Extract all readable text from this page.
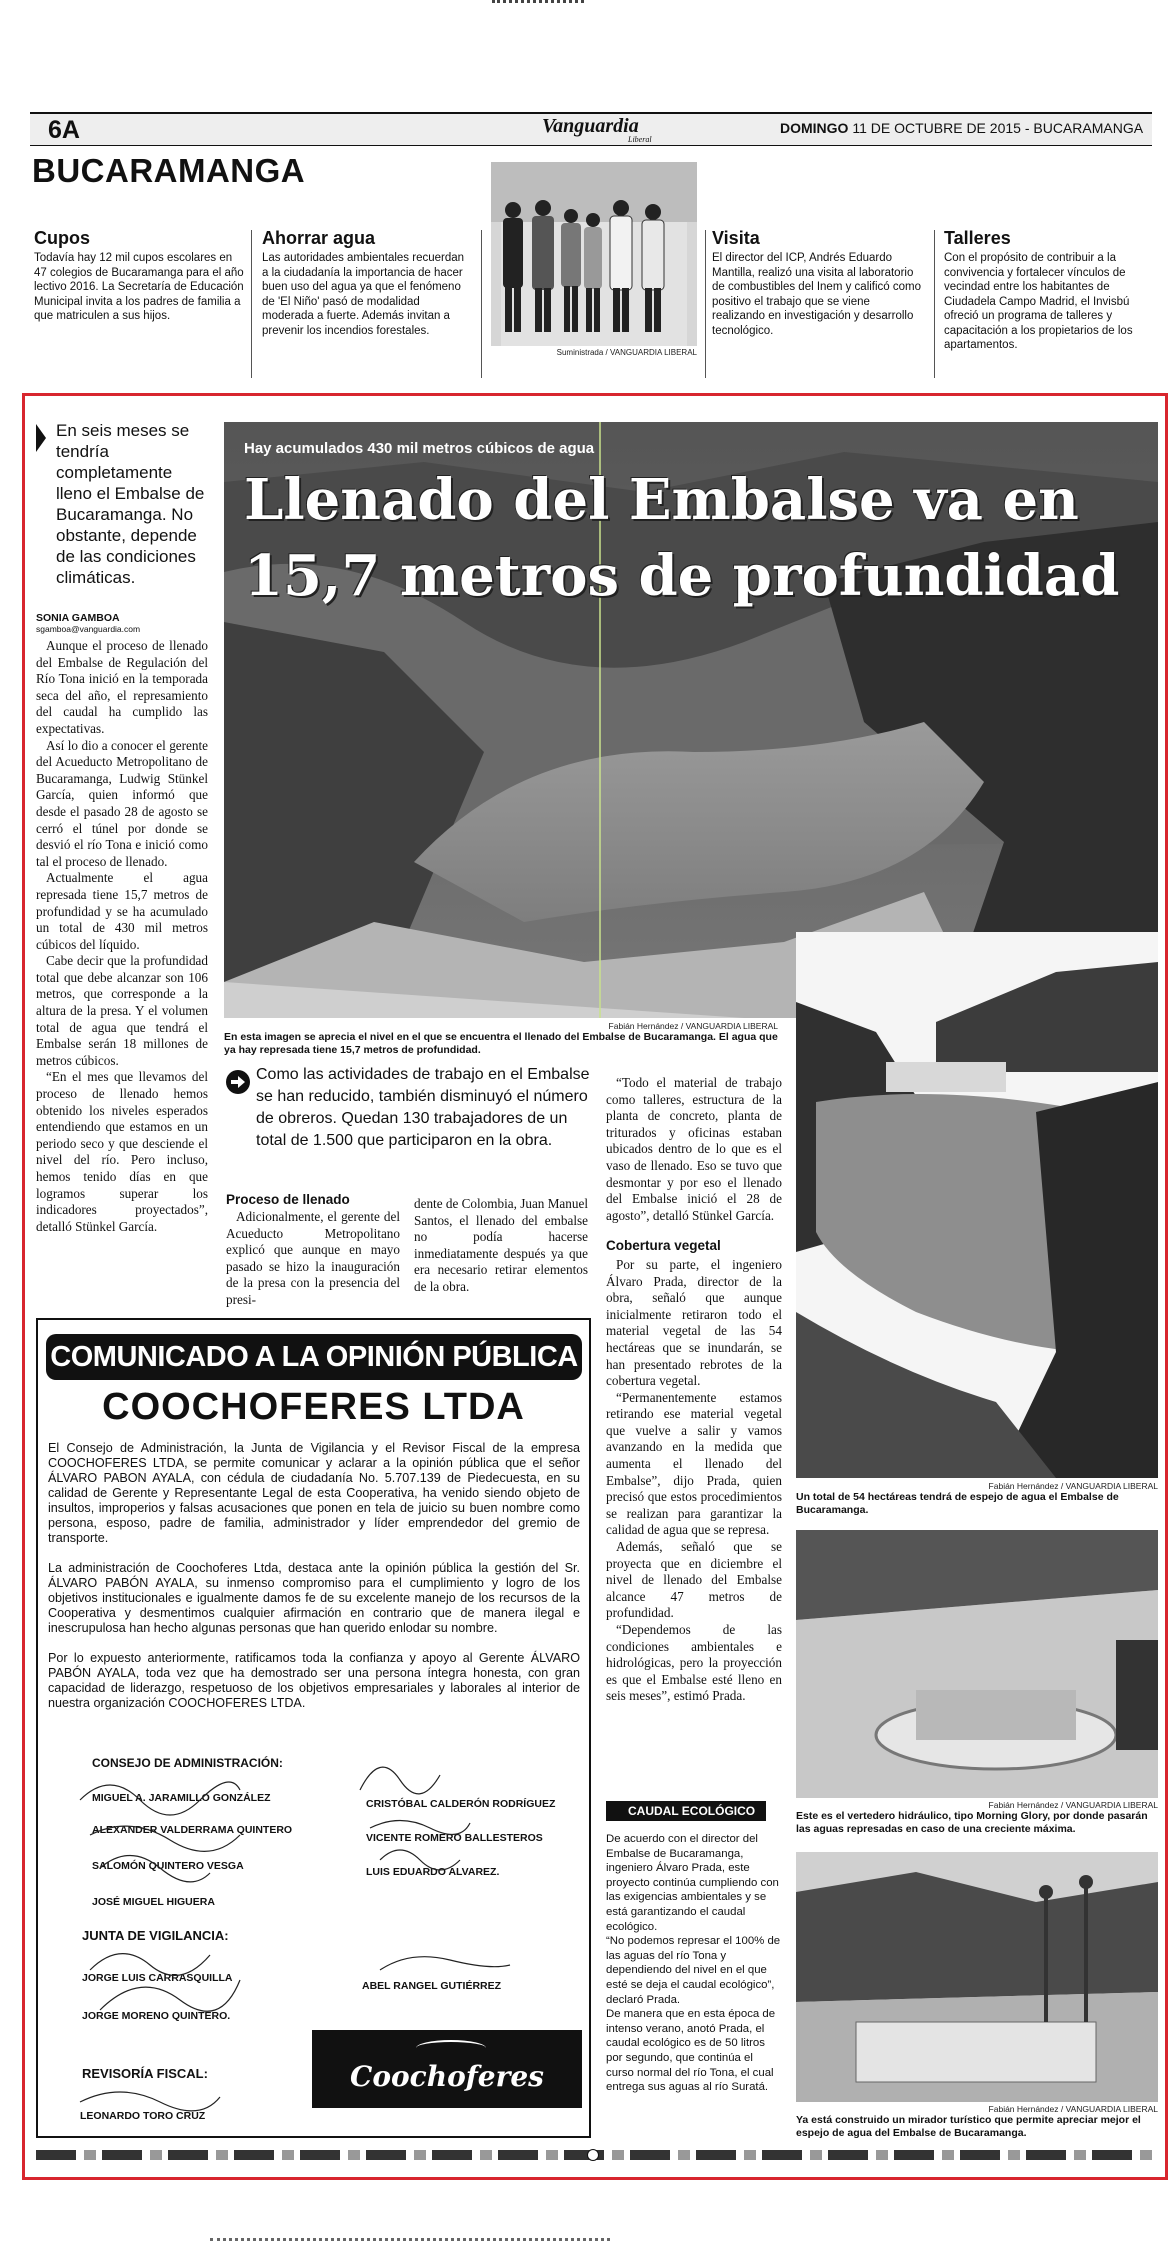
6A	Vanguardia
Liberal
DOMINGO 11 DE OCTUBRE DE 2015 - BUCARAMANGA
BUCARAMANGA
Cupos
Todavía hay 12 mil cupos escolares en 47 colegios de Bucaramanga para el año lectivo 2016. La Secretaría de Educación Municipal invita a los padres de familia a que matriculen a sus hijos.
Ahorrar agua
Las autoridades ambientales recuerdan a la ciudadanía la importancia de hacer buen uso del agua ya que el fenómeno de 'El Niño' pasó de modalidad moderada a fuerte. Además invitan a prevenir los incendios forestales.
Suministrada / VANGUARDIA LIBERAL
Visita
El director del ICP, Andrés Eduardo Mantilla, realizó una visita al laboratorio de combustibles del Inem y calificó como positivo el trabajo que se viene realizando en investigación y desarrollo tecnológico.
Talleres
Con el propósito de contribuir a la convivencia y fortalecer vínculos de vecindad entre los habitantes de Ciudadela Campo Madrid, el Invisbú ofreció un programa de talleres y capacitación a los propietarios de los apartamentos.
En seis meses se tendría completamente lleno el Embalse de Bucaramanga. No obstante, depende de las condiciones climáticas.
SONIA GAMBOA
sgamboa@vanguardia.com

Aunque el proceso de llenado del Embalse de Regulación del Río Tona inició en la temporada seca del año, el represamiento del caudal ha cumplido las expectativas.

Así lo dio a conocer el gerente del Acueducto Metropolitano de Bucaramanga, Ludwig Stünkel García, quien informó que desde el pasado 28 de agosto se cerró el túnel por donde se desvió el río Tona e inició como tal el proceso de llenado.

Actualmente el agua represada tiene 15,7 metros de profundidad y se ha acumulado un total de 430 mil metros cúbicos del líquido.

Cabe decir que la profundidad total que debe alcanzar son 106 metros, que corresponde a la altura de la presa. Y el volumen total de agua que tendrá el Embalse serán 18 millones de metros cúbicos.

“En el mes que llevamos del proceso de llenado hemos obtenido los niveles esperados entendiendo que estamos en un periodo seco y que desciende el nivel del río. Pero incluso, hemos tenido días en que logramos superar los indicadores proyectados”, detalló Stünkel García.

Hay acumulados 430 mil metros cúbicos de agua
Llenado del Embalse va en
15,7 metros de profundidad
Fabián Hernández / VANGUARDIA LIBERAL
En esta imagen se aprecia el nivel en el que se encuentra el llenado del Embalse de Bucaramanga. El agua que ya hay represada tiene 15,7 metros de profundidad.
Fabián Hernández / VANGUARDIA LIBERAL
Un total de 54 hectáreas tendrá de espejo de agua el Embalse de Bucaramanga.
Fabián Hernández / VANGUARDIA LIBERAL
Este es el vertedero hidráulico, tipo Morning Glory, por donde pasarán las aguas represadas en caso de una creciente máxima.
Fabián Hernández / VANGUARDIA LIBERAL
Ya está construido un mirador turístico que permite apreciar mejor el espejo de agua del Embalse de Bucaramanga.
Como las actividades de trabajo en el Embalse se han reducido, también disminuyó el número de obreros. Quedan 130 trabajadores de un total de 1.500 que participaron en la obra.
Proceso de llenado

Adicionalmente, el gerente del Acueducto Metropolitano explicó que aunque en mayo pasado se hizo la inauguración de la presa con la presencia del presi-

dente de Colombia, Juan Manuel Santos, el llenado del embalse no podía hacerse inmediatamente después ya que era necesario retirar elementos de la obra.

“Todo el material de trabajo como talleres, estructura de la planta de concreto, planta de triturados y oficinas estaban ubicados dentro de lo que es el vaso de llenado. Eso se tuvo que desmontar y por eso el llenado del Embalse inició el 28 de agosto”, detalló Stünkel García.

Cobertura vegetal

Por su parte, el ingeniero Álvaro Prada, director de la obra, señaló que aunque inicialmente retiraron todo el material vegetal de las 54 hectáreas que se inundarán, se han presentado rebrotes de la cobertura vegetal.

“Permanentemente estamos retirando ese material vegetal que vuelve a salir y vamos avanzando en la medida que aumenta el llenado del Embalse”, dijo Prada, quien precisó que estos procedimientos se realizan para garantizar la calidad de agua que se represa.

Además, señaló que se proyecta que en diciembre el nivel de llenado del Embalse alcance 47 metros de profundidad.

“Dependemos de las condiciones ambientales e hidrológicas, pero la proyección es que el Embalse esté lleno en seis meses”, estimó Prada.

CAUDAL ECOLÓGICO

De acuerdo con el director del Embalse de Bucaramanga, ingeniero Álvaro Prada, este proyecto continúa cumpliendo con las exigencias ambientales y se está garantizando el caudal ecológico.

“No podemos represar el 100% de las aguas del río Tona y dependiendo del nivel en el que esté se deja el caudal ecológico”, declaró Prada.

De manera que en esta época de intenso verano, anotó Prada, el caudal ecológico es de 50 litros por segundo, que continúa el curso normal del río Tona, el cual entrega sus aguas al río Suratá.

COMUNICADO A LA OPINIÓN PÚBLICA
COOCHOFERES LTDA

El Consejo de Administración, la Junta de Vigilancia y el Revisor Fiscal de la empresa COOCHOFERES LTDA, se permite comunicar y aclarar a la opinión pública que el señor ÁLVARO PABON AYALA, con cédula de ciudadanía No. 5.707.139 de Piedecuesta, en su calidad de Gerente y Representante Legal de esta Cooperativa, ha venido siendo objeto de insultos, improperios y falsas acusaciones que ponen en tela de juicio su buen nombre como persona, esposo, padre de familia, administrador y líder emprendedor del gremio de transporte.

La administración de Coochoferes Ltda, destaca ante la opinión pública la gestión del Sr. ÁLVARO PABÓN AYALA, su inmenso compromiso para el cumplimiento y logro de los objetivos institucionales e igualmente damos fe de su excelente manejo de los recursos de la Cooperativa y desmentimos cualquier afirmación en contrario que de manera ilegal e inescrupulosa han hecho algunas personas que han querido enlodar su nombre.

Por lo expuesto anteriormente, ratificamos toda la confianza y apoyo al Gerente ÁLVARO PABÓN AYALA, toda vez que ha demostrado ser una persona íntegra honesta, con gran capacidad de liderazgo, respetuoso de los objetivos empresariales y laborales al interior de nuestra organización COOCHOFERES LTDA.

CONSEJO DE ADMINISTRACIÓN:
MIGUEL A. JARAMILLO GONZÁLEZ
ALEXANDER VALDERRAMA QUINTERO
SALOMÓN QUINTERO VESGA
JOSÉ MIGUEL HIGUERA
CRISTÓBAL CALDERÓN RODRÍGUEZ
VICENTE ROMERO BALLESTEROS
LUIS EDUARDO ALVAREZ.
JUNTA DE VIGILANCIA:
JORGE LUIS CARRASQUILLA
JORGE MORENO QUINTERO.
ABEL RANGEL GUTIÉRREZ
REVISORÍA FISCAL:
LEONARDO TORO CRUZ
Coochoferes
